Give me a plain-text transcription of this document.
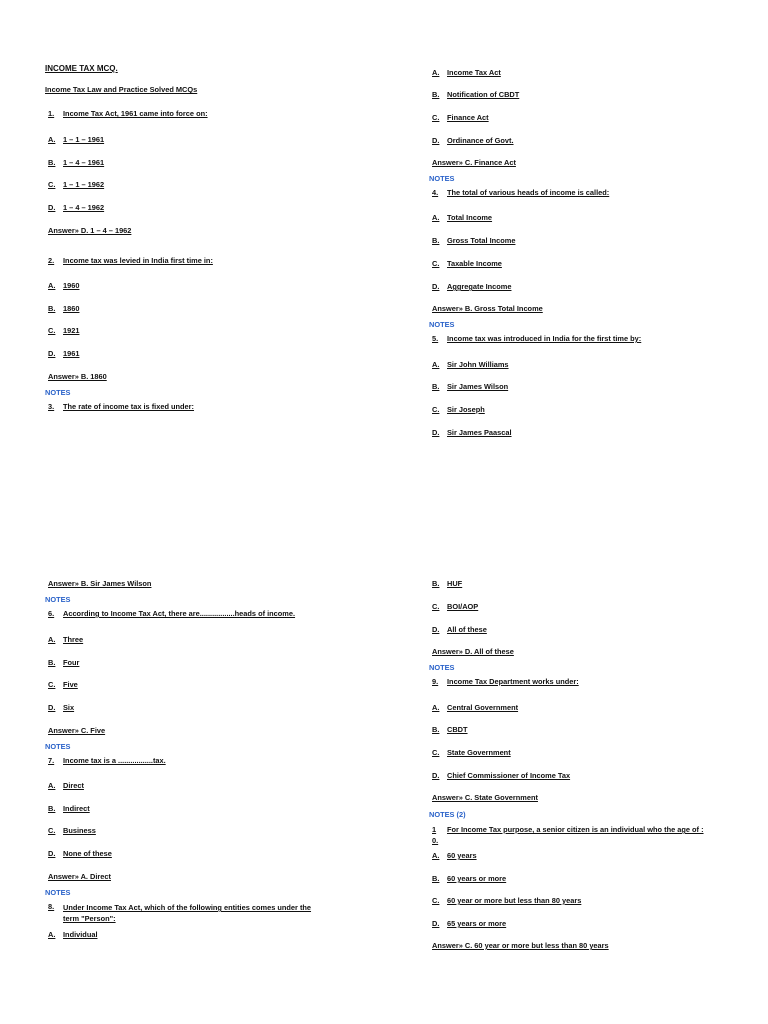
INCOME TAX MCQ.
Income Tax Law and Practice Solved MCQs
1. Income Tax Act, 1961 came into force on:
A. 1 – 1 – 1961
B. 1 – 4 – 1961
C. 1 – 1 – 1962
D. 1 – 4 – 1962
Answer» D. 1 – 4 – 1962
2. Income tax was levied in India first time in:
A. 1960
B. 1860
C. 1921
D. 1961
Answer» B. 1860
NOTES
3. The rate of income tax is fixed under:
A. Income Tax Act
B. Notification of CBDT
C. Finance Act
D. Ordinance of Govt.
Answer» C. Finance Act
NOTES
4. The total of various heads of income is called:
A. Total Income
B. Gross Total Income
C. Taxable Income
D. Aggregate Income
Answer» B. Gross Total Income
NOTES
5. Income tax was introduced in India for the first time by:
A. Sir John Williams
B. Sir James Wilson
C. Sir Joseph
D. Sir James Paascal
Answer» B. Sir James Wilson
NOTES
6. According to Income Tax Act, there are.................heads of income.
A. Three
B. Four
C. Five
D. Six
Answer» C. Five
NOTES
7. Income tax is a .................tax.
A. Direct
B. Indirect
C. Business
D. None of these
Answer» A. Direct
NOTES
8. Under Income Tax Act, which of the following entities comes under the
term "Person":
A. Individual
B. HUF
C. BOI/AOP
D. All of these
Answer» D. All of these
NOTES
9. Income Tax Department works under:
A. Central Government
B. CBDT
C. State Government
D. Chief Commissioner of Income Tax
Answer» C. State Government
NOTES (2)
1
0.For Income Tax purpose, a senior citizen is an individual who the age of :
A. 60 years
B. 60 years or more
C. 60 year or more but less than 80 years
D. 65 years or more
Answer» C. 60 year or more but less than 80 years
